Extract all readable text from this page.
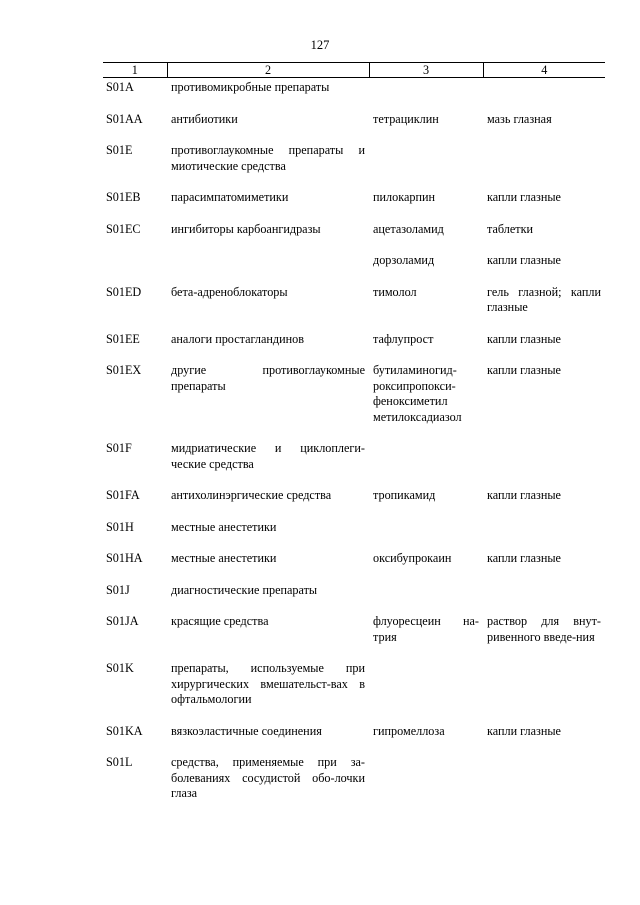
127
1	2	3	4
S01A	противомикробные препараты		
S01AA	антибиотики	тетрациклин	мазь глазная
S01E	противоглаукомные препараты и миотические средства		
S01EB	парасимпатомиметики	пилокарпин	капли глазные
S01EC	ингибиторы карбоангидразы	ацетазоламид	таблетки
		дорзоламид	капли глазные
S01ED	бета-адреноблокаторы	тимолол	гель глазной; капли глазные
S01EE	аналоги простагландинов	тафлупрост	капли глазные
S01EX	другие противоглаукомные препараты	бутиламиногид-роксипропокси-феноксиметил метилоксадиазол	капли глазные
S01F	мидриатические и циклоплеги-ческие средства		
S01FA	антихолинэргические средства	тропикамид	капли глазные
S01H	местные анестетики		
S01HA	местные анестетики	оксибупрокаин	капли глазные
S01J	диагностические препараты		
S01JA	красящие средства	флуоресцеин на-трия	раствор для внут-ривенного введе-ния
S01K	препараты, используемые при хирургических вмешательст-вах в офтальмологии		
S01KA	вязкоэластичные соединения	гипромеллоза	капли глазные
S01L	средства, применяемые при за-болеваниях сосудистой обо-лочки глаза		
